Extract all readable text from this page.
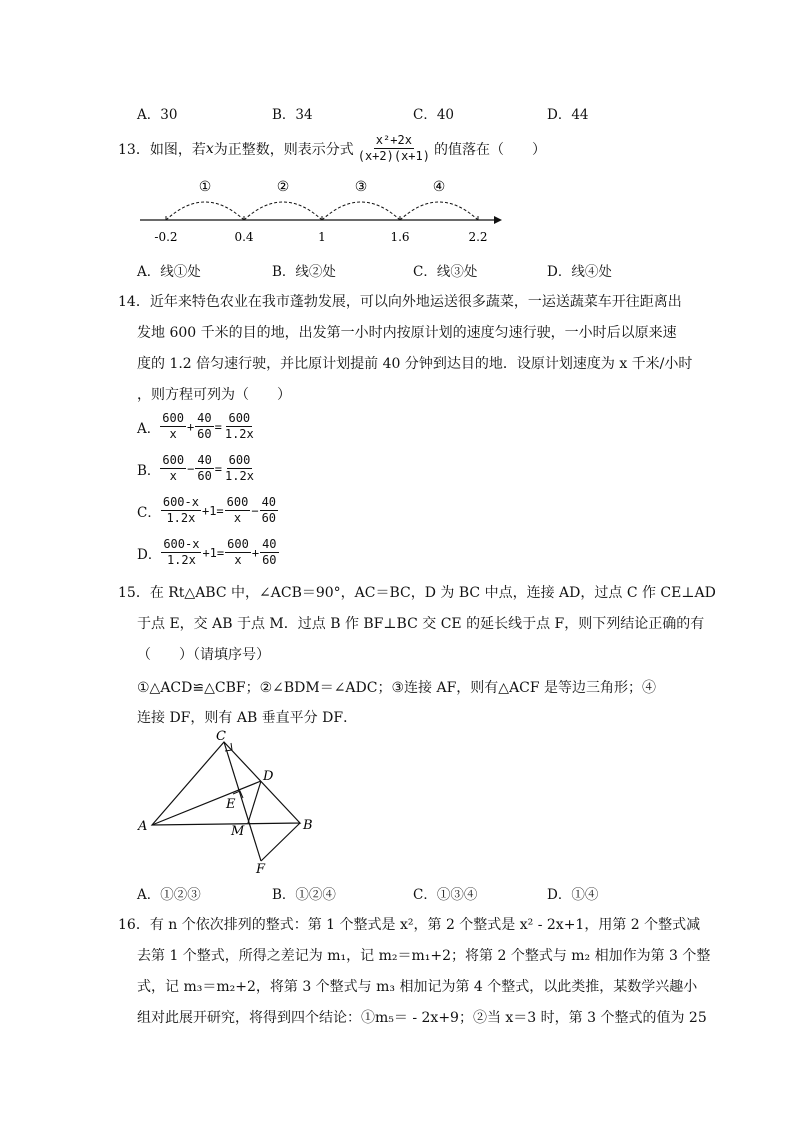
A．30	B．34	C．40	D．44
13．如图，若 x 为正整数，则表示分式 $\frac{\text{x²+2x}}{(x+2)(x+1)}$ 的值落在（　　）
①	②	③	④
-0.2	0.4	1	1.6	2.2
A．线①处	B．线②处	C．线③处	D．线④处
14．近年来特色农业在我市蓬勃发展，可以向外地运送很多蔬菜，一运送蔬菜车开往距离出
发地 600 千米的目的地，出发第一小时内按原计划的速度匀速行驶，一小时后以原来速
度的 1.2 倍匀速行驶，并比原计划提前 40 分钟到达目的地．设原计划速度为 x 千米/小时
，则方程可列为（　　）
A． $\frac{600}{x} + \frac{40}{60} = \frac{600}{1.2x}$
B． $\frac{600}{x} - \frac{40}{60} = \frac{600}{1.2x}$
C． $\frac{600-x}{1.2x} +1= \frac{600}{x} - \frac{40}{60}$
D． $\frac{600-x}{1.2x} +1= \frac{600}{x} + \frac{40}{60}$
15．在 Rt△ABC 中，∠ACB＝90°，AC＝BC，D 为 BC 中点，连接 AD，过点 C 作 CE⊥AD
于点 E，交 AB 于点 M．过点 B 作 BF⊥BC 交 CE 的延长线于点 F，则下列结论正确的有
（　　）（请填序号）
①△ACD≌△CBF；②∠BDM＝∠ADC；③连接 AF，则有△ACF 是等边三角形；④
连接 DF，则有 AB 垂直平分 DF．
C
D
E
A	M	B
F
A．①②③	B．①②④	C．①③④	D．①④
16．有 n 个依次排列的整式：第 1 个整式是 x²，第 2 个整式是 x² - 2x+1，用第 2 个整式减
去第 1 个整式，所得之差记为 m₁，记 m₂＝m₁+2；将第 2 个整式与 m₂ 相加作为第 3 个整
式，记 m₃＝m₂+2，将第 3 个整式与 m₃ 相加记为第 4 个整式，以此类推，某数学兴趣小
组对此展开研究，将得到四个结论：①m₅＝ - 2x+9；②当 x＝3 时，第 3 个整式的值为 25
